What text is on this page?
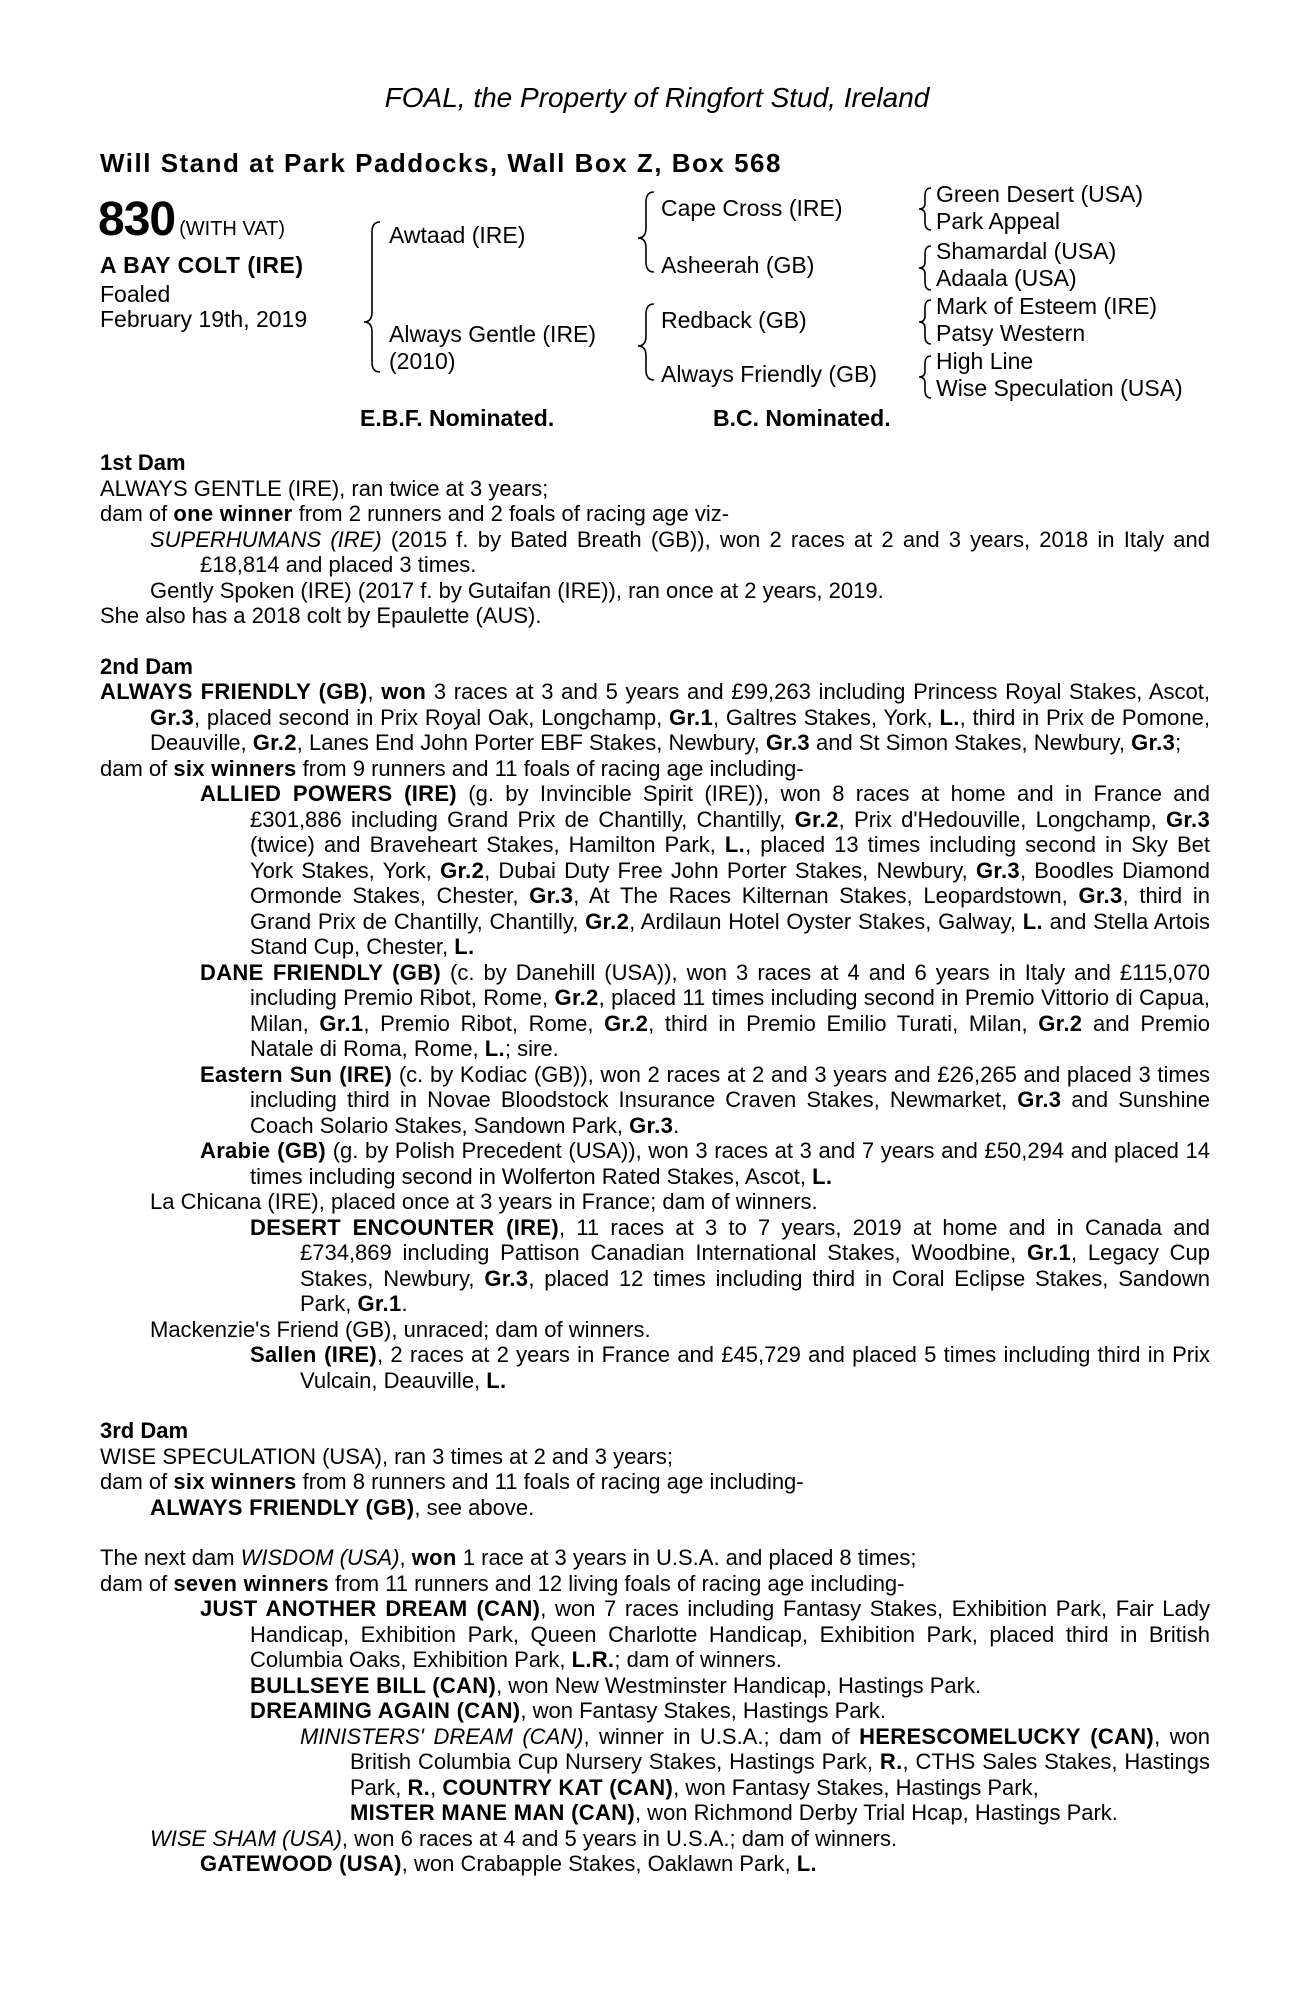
FOAL, the Property of Ringfort Stud, Ireland
Will Stand at Park Paddocks, Wall Box Z, Box 568
830 (WITH VAT)
A BAY COLT (IRE)
Foaled
February 19th, 2019
Awtaad (IRE)
Always Gentle (IRE)
(2010)
Cape Cross (IRE)
Asheerah (GB)
Redback (GB)
Always Friendly (GB)
Green Desert (USA)
Park Appeal
Shamardal (USA)
Adaala (USA)
Mark of Esteem (IRE)
Patsy Western
High Line
Wise Speculation (USA)
E.B.F. Nominated.	B.C. Nominated.

1st Dam

ALWAYS GENTLE (IRE), ran twice at 3 years;

dam of one winner from 2 runners and 2 foals of racing age viz-

SUPERHUMANS (IRE) (2015 f. by Bated Breath (GB)), won 2 races at 2 and 3 years, 2018 in Italy and £18,814 and placed 3 times.

Gently Spoken (IRE) (2017 f. by Gutaifan (IRE)), ran once at 2 years, 2019.

She also has a 2018 colt by Epaulette (AUS).

2nd Dam

ALWAYS FRIENDLY (GB), won 3 races at 3 and 5 years and £99,263 including Princess Royal Stakes, Ascot, Gr.3, placed second in Prix Royal Oak, Longchamp, Gr.1, Galtres Stakes, York, L., third in Prix de Pomone, Deauville, Gr.2, Lanes End John Porter EBF Stakes, Newbury, Gr.3 and St Simon Stakes, Newbury, Gr.3;

dam of six winners from 9 runners and 11 foals of racing age including-

ALLIED POWERS (IRE) (g. by Invincible Spirit (IRE)), won 8 races at home and in France and £301,886 including Grand Prix de Chantilly, Chantilly, Gr.2, Prix d'Hedouville, Longchamp, Gr.3 (twice) and Braveheart Stakes, Hamilton Park, L., placed 13 times including second in Sky Bet York Stakes, York, Gr.2, Dubai Duty Free John Porter Stakes, Newbury, Gr.3, Boodles Diamond Ormonde Stakes, Chester, Gr.3, At The Races Kilternan Stakes, Leopardstown, Gr.3, third in Grand Prix de Chantilly, Chantilly, Gr.2, Ardilaun Hotel Oyster Stakes, Galway, L. and Stella Artois Stand Cup, Chester, L.

DANE FRIENDLY (GB) (c. by Danehill (USA)), won 3 races at 4 and 6 years in Italy and £115,070 including Premio Ribot, Rome, Gr.2, placed 11 times including second in Premio Vittorio di Capua, Milan, Gr.1, Premio Ribot, Rome, Gr.2, third in Premio Emilio Turati, Milan, Gr.2 and Premio Natale di Roma, Rome, L.; sire.

Eastern Sun (IRE) (c. by Kodiac (GB)), won 2 races at 2 and 3 years and £26,265 and placed 3 times including third in Novae Bloodstock Insurance Craven Stakes, Newmarket, Gr.3 and Sunshine Coach Solario Stakes, Sandown Park, Gr.3.

Arabie (GB) (g. by Polish Precedent (USA)), won 3 races at 3 and 7 years and £50,294 and placed 14 times including second in Wolferton Rated Stakes, Ascot, L.

La Chicana (IRE), placed once at 3 years in France; dam of winners.

DESERT ENCOUNTER (IRE), 11 races at 3 to 7 years, 2019 at home and in Canada and £734,869 including Pattison Canadian International Stakes, Woodbine, Gr.1, Legacy Cup Stakes, Newbury, Gr.3, placed 12 times including third in Coral Eclipse Stakes, Sandown Park, Gr.1.

Mackenzie's Friend (GB), unraced; dam of winners.

Sallen (IRE), 2 races at 2 years in France and £45,729 and placed 5 times including third in Prix Vulcain, Deauville, L.

3rd Dam

WISE SPECULATION (USA), ran 3 times at 2 and 3 years;

dam of six winners from 8 runners and 11 foals of racing age including-

ALWAYS FRIENDLY (GB), see above.

The next dam WISDOM (USA), won 1 race at 3 years in U.S.A. and placed 8 times;

dam of seven winners from 11 runners and 12 living foals of racing age including-

JUST ANOTHER DREAM (CAN), won 7 races including Fantasy Stakes, Exhibition Park, Fair Lady Handicap, Exhibition Park, Queen Charlotte Handicap, Exhibition Park, placed third in British Columbia Oaks, Exhibition Park, L.R.; dam of winners.

BULLSEYE BILL (CAN), won New Westminster Handicap, Hastings Park.

DREAMING AGAIN (CAN), won Fantasy Stakes, Hastings Park.

MINISTERS' DREAM (CAN), winner in U.S.A.; dam of HERESCOMELUCKY (CAN), won British Columbia Cup Nursery Stakes, Hastings Park, R., CTHS Sales Stakes, Hastings Park, R., COUNTRY KAT (CAN), won Fantasy Stakes, Hastings Park,

MISTER MANE MAN (CAN), won Richmond Derby Trial Hcap, Hastings Park.

WISE SHAM (USA), won 6 races at 4 and 5 years in U.S.A.; dam of winners.

GATEWOOD (USA), won Crabapple Stakes, Oaklawn Park, L.
